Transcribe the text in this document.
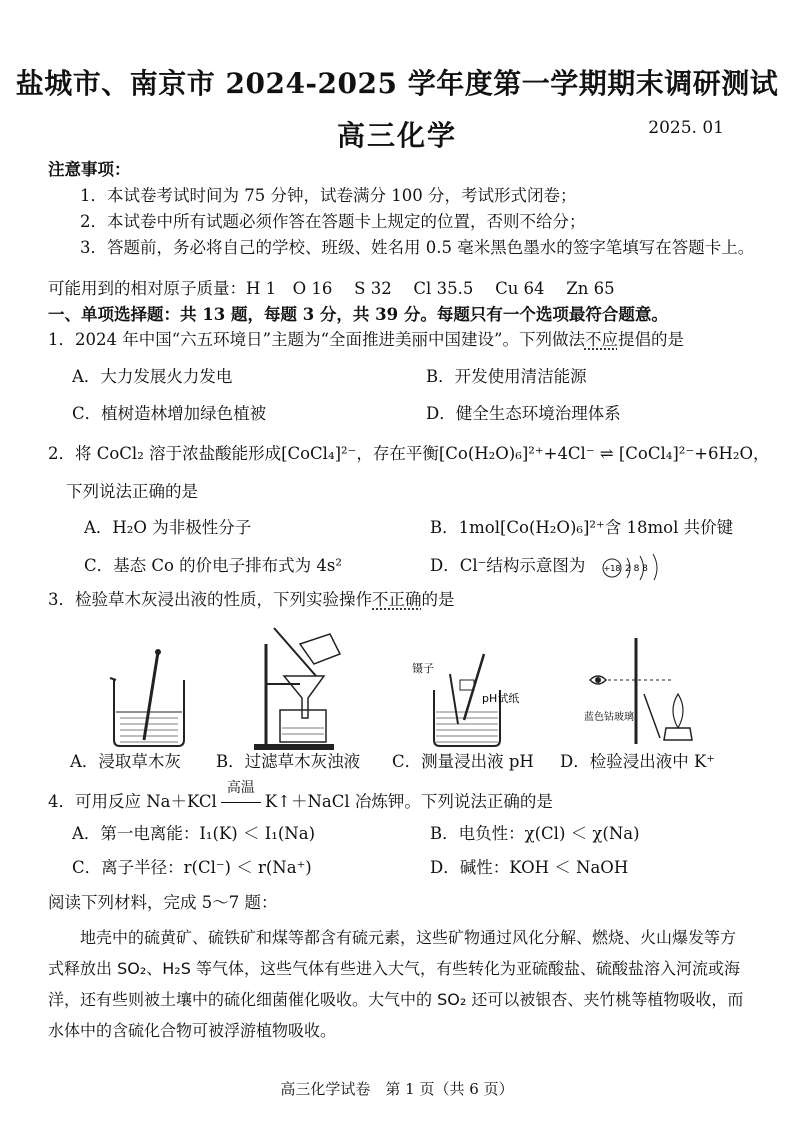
盐城市、南京市 2024-2025 学年度第一学期期末调研测试
高三化学	2025. 01
注意事项：
1．本试卷考试时间为 75 分钟，试卷满分 100 分，考试形式闭卷；
2．本试卷中所有试题必须作答在答题卡上规定的位置，否则不给分；
3．答题前，务必将自己的学校、班级、姓名用 0.5 毫米黑色墨水的签字笔填写在答题卡上。
可能用到的相对原子质量：H 1　O 16　 S 32　 Cl 35.5　 Cu 64　 Zn 65
一、单项选择题：共 13 题，每题 3 分，共 39 分。每题只有一个选项最符合题意。
1．2024 年中国“六五环境日”主题为“全面推进美丽中国建设”。下列做法不应提倡的是
A．大力发展火力发电	B．开发使用清洁能源
C．植树造林增加绿色植被	D．健全生态环境治理体系
2．将 CoCl₂ 溶于浓盐酸能形成[CoCl₄]²⁻，存在平衡[Co(H₂O)₆]²⁺+4Cl⁻ ⇌ [CoCl₄]²⁻+6H₂O，
下列说法正确的是
A．H₂O 为非极性分子	B．1mol[Co(H₂O)₆]²⁺含 18mol 共价键
C．基态 Co 的价电子排布式为 4s²	D．Cl⁻结构示意图为 +18 2 8 8
3．检验草木灰浸出液的性质，下列实验操作不正确的是
镊子
pH试纸
蓝色钴玻璃
A．浸取草木灰 B．过滤草木灰浊液 C．测量浸出液 pH D．检验浸出液中 K⁺
4．可用反应 Na＋KCl
高温
K↑＋NaCl 冶炼钾。下列说法正确的是
A．第一电离能：I₁(K) ＜ I₁(Na)	B．电负性：χ(Cl) ＜ χ(Na)
C．离子半径：r(Cl⁻) ＜ r(Na⁺)	D．碱性：KOH ＜ NaOH
阅读下列材料，完成 5～7 题：
地壳中的硫黄矿、硫铁矿和煤等都含有硫元素，这些矿物通过风化分解、燃烧、火山爆发等方式释放出 SO₂、H₂S 等气体，这些气体有些进入大气，有些转化为亚硫酸盐、硫酸盐溶入河流或海洋，还有些则被土壤中的硫化细菌催化吸收。大气中的 SO₂ 还可以被银杏、夹竹桃等植物吸收，而水体中的含硫化合物可被浮游植物吸收。
高三化学试卷　第 1 页（共 6 页）
